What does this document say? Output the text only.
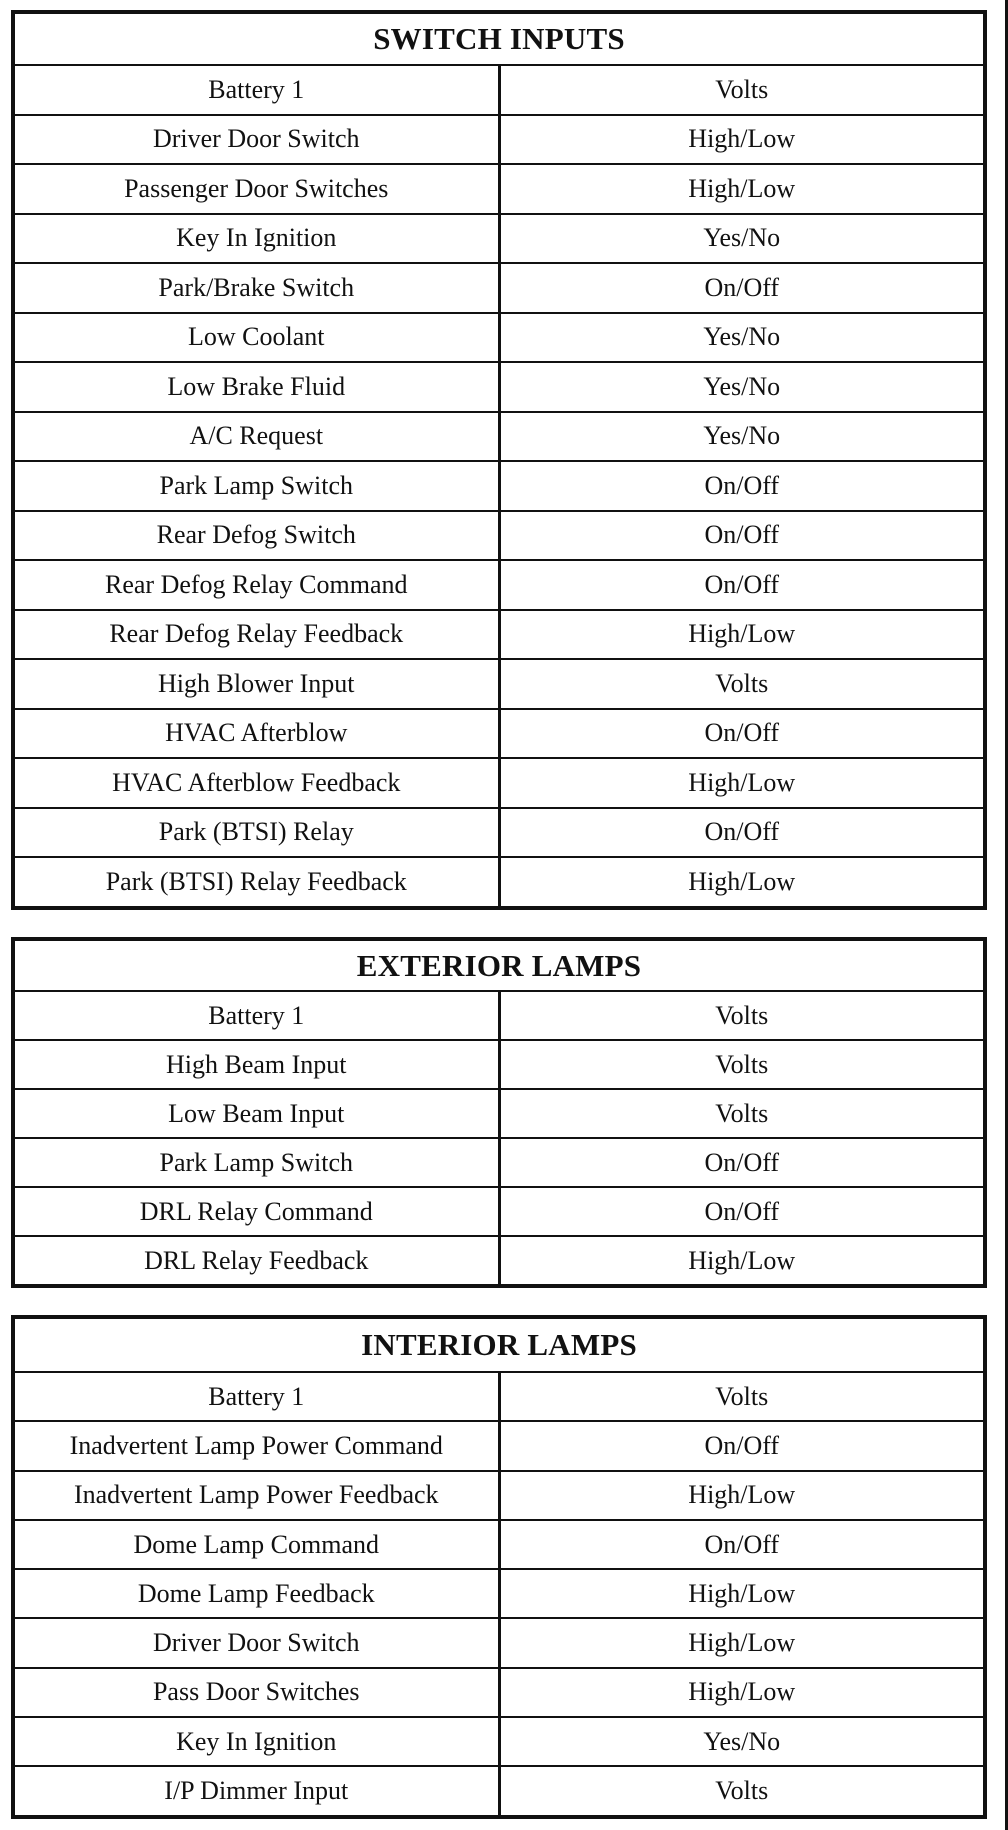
SWITCH INPUTS	
Battery 1	Volts
Driver Door Switch	High/Low
Passenger Door Switches	High/Low
Key In Ignition	Yes/No
Park/Brake Switch	On/Off
Low Coolant	Yes/No
Low Brake Fluid	Yes/No
A/C Request	Yes/No
Park Lamp Switch	On/Off
Rear Defog Switch	On/Off
Rear Defog Relay Command	On/Off
Rear Defog Relay Feedback	High/Low
High Blower Input	Volts
HVAC Afterblow	On/Off
HVAC Afterblow Feedback	High/Low
Park (BTSI) Relay	On/Off
Park (BTSI) Relay Feedback	High/Low
EXTERIOR LAMPS	
Battery 1	Volts
High Beam Input	Volts
Low Beam Input	Volts
Park Lamp Switch	On/Off
DRL Relay Command	On/Off
DRL Relay Feedback	High/Low
INTERIOR LAMPS	
Battery 1	Volts
Inadvertent Lamp Power Command	On/Off
Inadvertent Lamp Power Feedback	High/Low
Dome Lamp Command	On/Off
Dome Lamp Feedback	High/Low
Driver Door Switch	High/Low
Pass Door Switches	High/Low
Key In Ignition	Yes/No
I/P Dimmer Input	Volts
